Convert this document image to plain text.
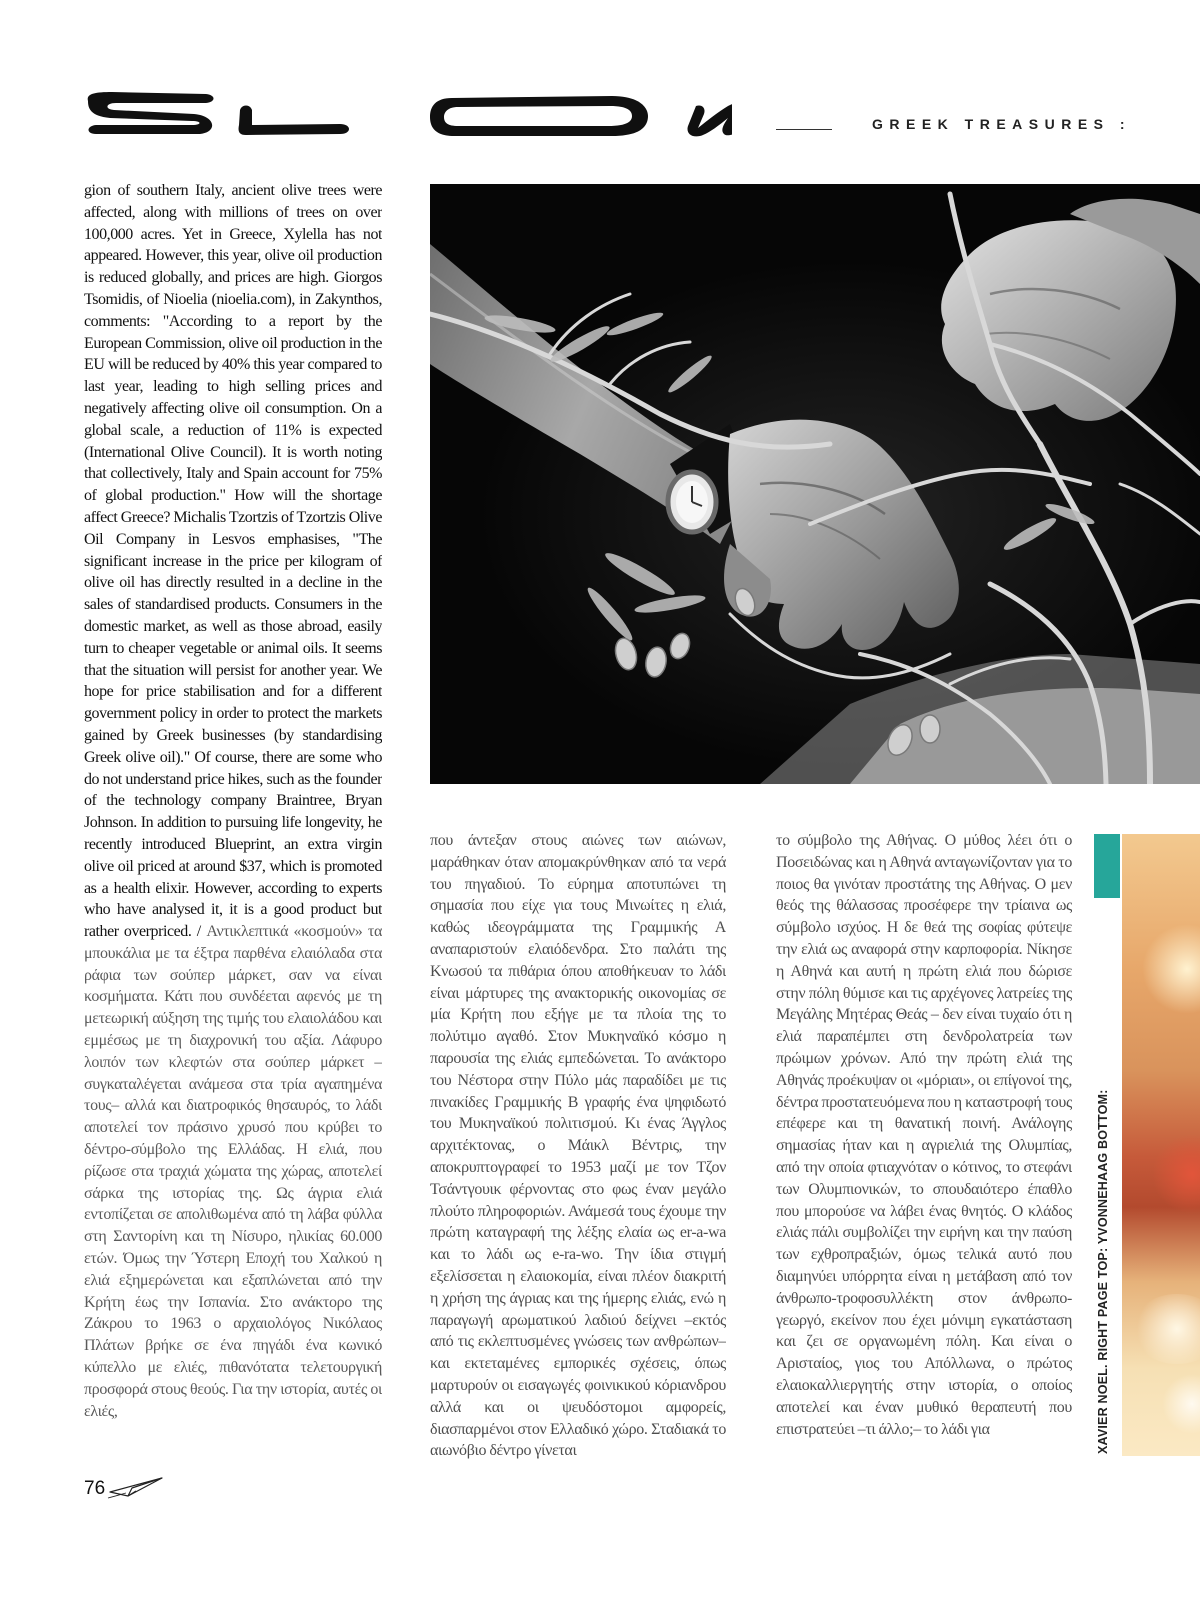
GREEK TREASURES :
gion of southern Italy, ancient olive trees were affected, along with millions of trees on over 100,000 acres. Yet in Greece, Xylella has not appeared. However, this year, olive oil production is reduced globally, and prices are high. Giorgos Tsomidis, of Nioelia (nioelia.com), in Zakynthos, comments: "According to a report by the European Commission, olive oil production in the EU will be reduced by 40% this year compared to last year, leading to high selling prices and negatively affecting olive oil consumption. On a global scale, a reduction of 11% is expected (International Olive Council). It is worth noting that collectively, Italy and Spain account for 75% of global production." How will the shortage affect Greece? Michalis Tzortzis of Tzortzis Olive Oil Company in Lesvos emphasises, "The significant increase in the price per kilogram of olive oil has directly resulted in a decline in the sales of standardised products. Consumers in the domestic market, as well as those abroad, easily turn to cheaper vegetable or animal oils. It seems that the situation will persist for another year. We hope for price stabilisation and for a different government policy in order to protect the markets gained by Greek businesses (by standardising Greek olive oil)." Of course, there are some who do not understand price hikes, such as the founder of the technology company Braintree, Bryan Johnson. In addition to pursuing life longevity, he recently introduced Blueprint, an extra virgin olive oil priced at around $37, which is promoted as a health elixir. However, according to experts who have analysed it, it is a good product but rather overpriced. / Αντικλεπτικά «κοσμούν» τα μπουκάλια με τα έξτρα παρθένα ελαιόλαδα στα ράφια των σούπερ μάρκετ, σαν να είναι κοσμήματα. Κάτι που συνδέεται αφενός με τη μετεωρική αύξηση της τιμής του ελαιολάδου και εμμέσως με τη διαχρονική του αξία. Λάφυρο λοιπόν των κλεφτών στα σούπερ μάρκετ –συγκαταλέγεται ανάμεσα στα τρία αγαπημένα τους– αλλά και διατροφικός θησαυρός, το λάδι αποτελεί τον πράσινο χρυσό που κρύβει το δέντρο-σύμβολο της Ελλάδας. Η ελιά, που ρίζωσε στα τραχιά χώματα της χώρας, αποτελεί σάρκα της ιστορίας της. Ως άγρια ελιά εντοπίζεται σε απολιθωμένα από τη λάβα φύλλα στη Σαντορίνη και τη Νίσυρο, ηλικίας 60.000 ετών. Όμως την Ύστερη Εποχή του Χαλκού η ελιά εξημερώνεται και εξαπλώνεται από την Κρήτη έως την Ισπανία. Στο ανάκτορο της Ζάκρου το 1963 ο αρχαιολόγος Νικόλαος Πλάτων βρήκε σε ένα πηγάδι ένα κωνικό κύπελλο με ελιές, πιθανότατα τελετουργική προσφορά στους θεούς. Για την ιστορία, αυτές οι ελιές,
που άντεξαν στους αιώνες των αιώνων, μαράθηκαν όταν απομακρύνθηκαν από τα νερά του πηγαδιού. Το εύρημα αποτυπώνει τη σημασία που είχε για τους Μινωίτες η ελιά, καθώς ιδεογράμματα της Γραμμικής Α αναπαριστούν ελαιόδενδρα. Στο παλάτι της Κνωσού τα πιθάρια όπου αποθήκευαν το λάδι είναι μάρτυρες της ανακτορικής οικονομίας σε μία Κρήτη που εξήγε με τα πλοία της το πολύτιμο αγαθό. Στον Μυκηναϊκό κόσμο η παρουσία της ελιάς εμπεδώνεται. Το ανάκτορο του Νέστορα στην Πύλο μάς παραδίδει με τις πινακίδες Γραμμικής Β γραφής ένα ψηφιδωτό του Μυκηναϊκού πολιτισμού. Κι ένας Άγγλος αρχιτέκτονας, ο Μάικλ Βέντρις, την αποκρυπτογραφεί το 1953 μαζί με τον Τζον Τσάντγουικ φέρνοντας στο φως έναν μεγάλο πλούτο πληροφοριών. Ανάμεσά τους έχουμε την πρώτη καταγραφή της λέξης ελαία ως er-a-wa και το λάδι ως e-ra-wo. Την ίδια στιγμή εξελίσσεται η ελαιοκομία, είναι πλέον διακριτή η χρήση της άγριας και της ήμερης ελιάς, ενώ η παραγωγή αρωματικού λαδιού δείχνει –εκτός από τις εκλεπτυσμένες γνώσεις των ανθρώπων– και εκτεταμένες εμπορικές σχέσεις, όπως μαρτυρούν οι εισαγωγές φοινικικού κόριανδρου αλλά και οι ψευδόστομοι αμφορείς, διασπαρμένοι στον Ελλαδικό χώρο. Σταδιακά το αιωνόβιο δέντρο γίνεται
το σύμβολο της Αθήνας. Ο μύθος λέει ότι ο Ποσειδώνας και η Αθηνά ανταγωνίζονταν για το ποιος θα γινόταν προστάτης της Αθήνας. Ο μεν θεός της θάλασσας προσέφερε την τρίαινα ως σύμβολο ισχύος. Η δε θεά της σοφίας φύτεψε την ελιά ως αναφορά στην καρποφορία. Νίκησε η Αθηνά και αυτή η πρώτη ελιά που δώρισε στην πόλη θύμισε και τις αρχέγονες λατρείες της Μεγάλης Μητέρας Θεάς – δεν είναι τυχαίο ότι η ελιά παραπέμπει στη δενδρολατρεία των πρώιμων χρόνων. Από την πρώτη ελιά της Αθηνάς προέκυψαν οι «μόριαι», οι επίγονοί της, δέντρα προστατευόμενα που η καταστροφή τους επέφερε και τη θανατική ποινή. Ανάλογης σημασίας ήταν και η αγριελιά της Ολυμπίας, από την οποία φτιαχνόταν ο κότινος, το στεφάνι των Ολυμπιονικών, το σπουδαιότερο έπαθλο που μπορούσε να λάβει ένας θνητός. Ο κλάδος ελιάς πάλι συμβολίζει την ειρήνη και την παύση των εχθροπραξιών, όμως τελικά αυτό που διαμηνύει υπόρρητα είναι η μετάβαση από τον άνθρωπο-τροφοσυλλέκτη στον άνθρωπο-γεωργό, εκείνον που έχει μόνιμη εγκατάσταση και ζει σε οργανωμένη πόλη. Και είναι ο Αρισταίος, γιος του Απόλλωνα, ο πρώτος ελαιοκαλλιεργητής στην ιστορία, ο οποίος αποτελεί και έναν μυθικό θεραπευτή που επιστρατεύει –τι άλλο;– το λάδι για	XAVIER NOEL. RIGHT PAGE TOP: YVONNEHAAG BOTTOM:
76
